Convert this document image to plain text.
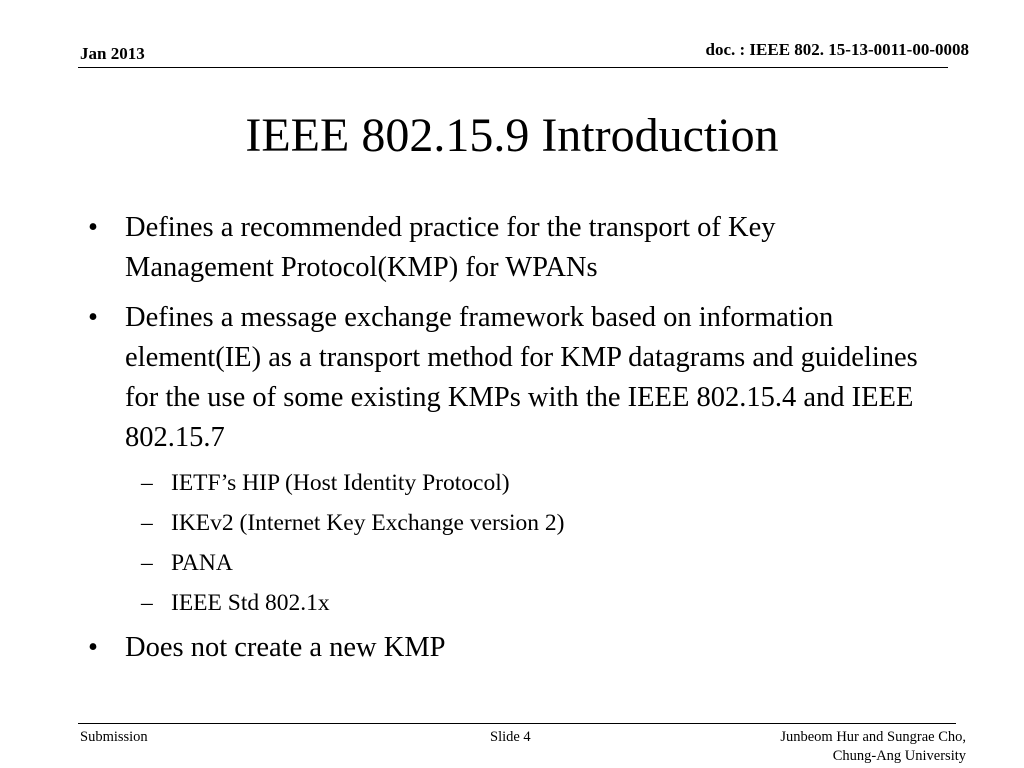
Jan 2013	doc. : IEEE 802. 15-13-0011-00-0008
IEEE 802.15.9 Introduction
• Defines a recommended practice for the transport of Key Management Protocol(KMP) for WPANs
• Defines a message exchange framework based on information element(IE) as a transport method for KMP datagrams and guidelines for the use of some existing KMPs with the IEEE 802.15.4 and IEEE 802.15.7
– IETF’s HIP (Host Identity Protocol)
– IKEv2 (Internet Key Exchange version 2)
– PANA
– IEEE Std 802.1x
• Does not create a new KMP
Submission	Slide 4	Junbeom Hur and Sungrae Cho,
Chung-Ang University
